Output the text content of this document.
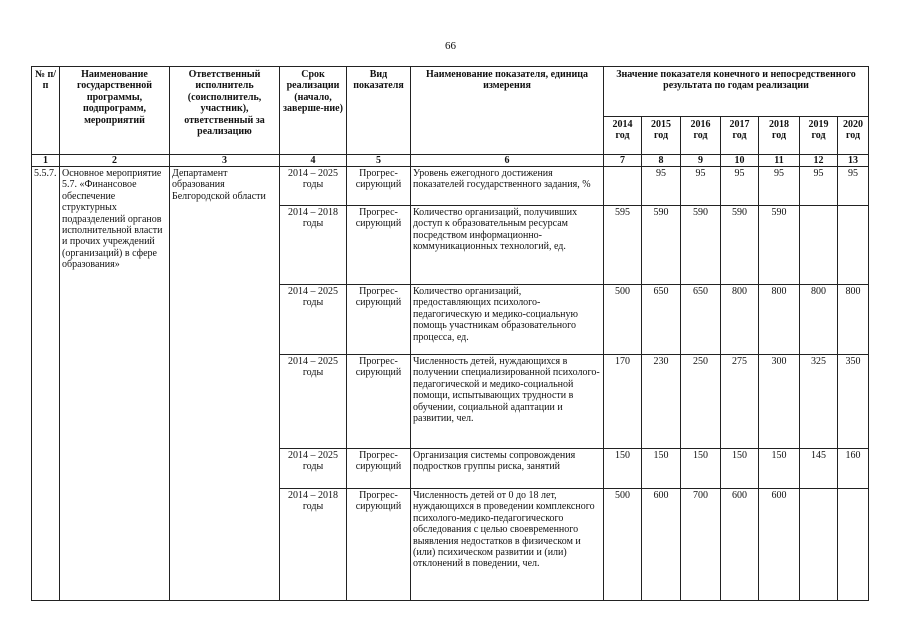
66
№ п/п	Наименование государственной программы, подпрограмм, мероприятий	Ответственный исполнитель (соисполнитель, участник), ответственный за реализацию	Срок реализации (начало, заверше-ние)	Вид показателя	Наименование показателя, единица измерения	Значение показателя конечного и непосредственного результата по годам реализации						
						2014 год	2015 год	2016 год	2017 год	2018 год	2019 год	2020 год
1	2	3	4	5	6	7	8	9	10	11	12	13
5.5.7.	Основное мероприятие 5.7. «Финансовое обеспечение структурных подразделений органов исполнительной власти и прочих учреждений (организаций) в сфере образования»	Департамент образования Белгородской области	2014 – 2025 годы	Прогрес-сирующий	Уровень ежегодного достижения показателей государственного задания, %		95	95	95	95	95	95
			2014 – 2018 годы	Прогрес-сирующий	Количество организаций, получивших доступ к образовательным ресурсам посредством информационно-коммуникационных технологий, ед.	595	590	590	590	590		
			2014 – 2025 годы	Прогрес-сирующий	Количество организаций, предоставляющих психолого-педагогическую и медико-социальную помощь участникам образовательного процесса, ед.	500	650	650	800	800	800	800
			2014 – 2025 годы	Прогрес-сирующий	Численность детей, нуждающихся в получении специализированной психолого-педагогической и медико-социальной помощи, испытывающих трудности в обучении, социальной адаптации и развитии, чел.	170	230	250	275	300	325	350
			2014 – 2025 годы	Прогрес-сирующий	Организация системы сопровождения подростков группы риска, занятий	150	150	150	150	150	145	160
			2014 – 2018 годы	Прогрес-сирующий	Численность детей от 0 до 18 лет, нуждающихся в проведении комплексного психолого-медико-педагогического обследования с целью своевременного выявления недостатков в физическом и (или) психическом развитии и (или) отклонений в поведении, чел.	500	600	700	600	600		
